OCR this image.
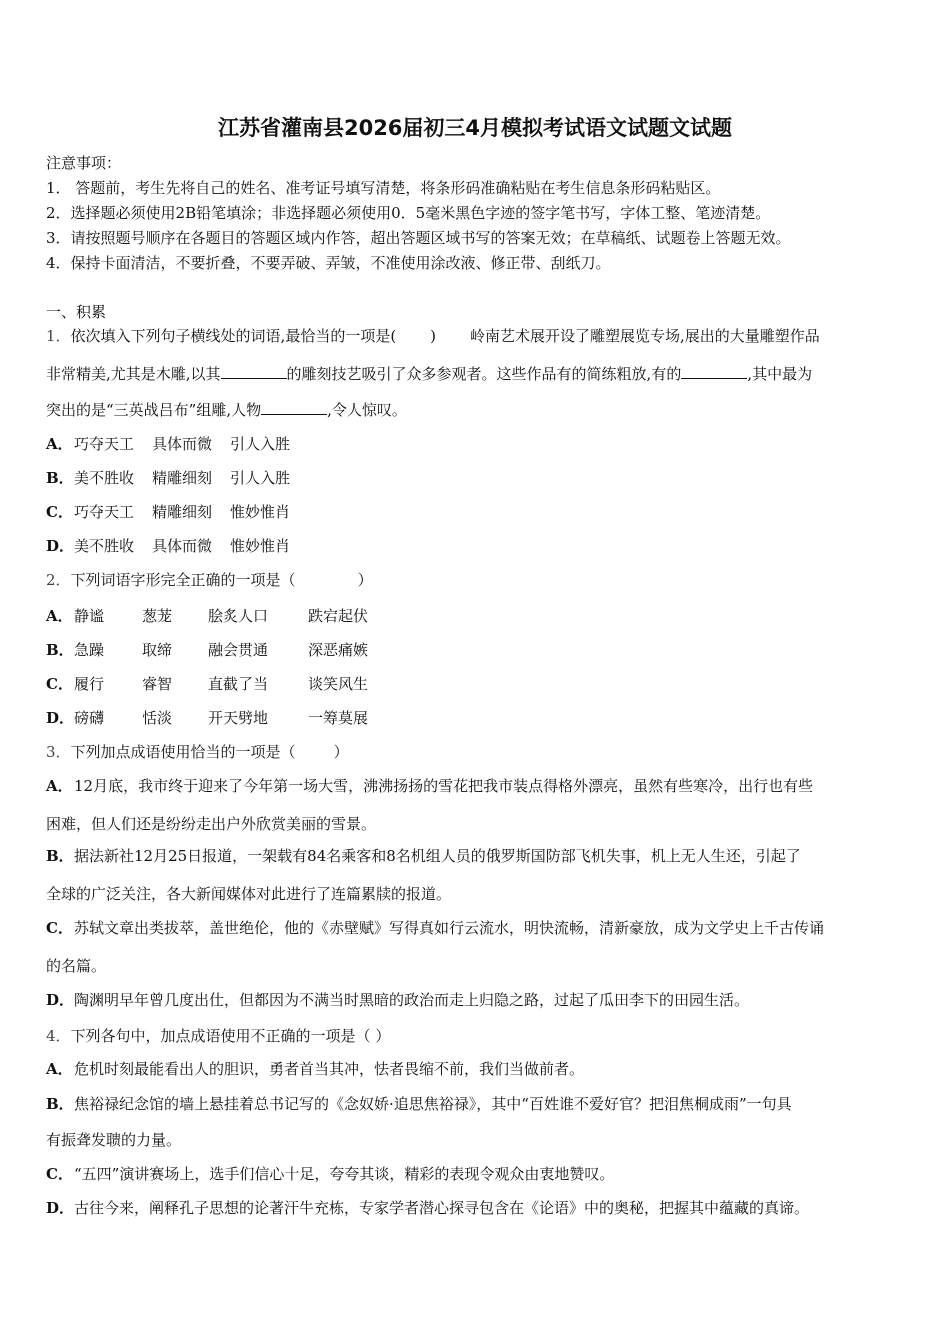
江苏省灌南县2026届初三4月模拟考试语文试题文试题
注意事项：
1． 答题前，考生先将自己的姓名、准考证号填写清楚，将条形码准确粘贴在考生信息条形码粘贴区。
2．选择题必须使用2B铅笔填涂；非选择题必须使用0．5毫米黑色字迹的签字笔书写，字体工整、笔迹清楚。
3．请按照题号顺序在各题目的答题区域内作答，超出答题区域书写的答案无效；在草稿纸、试题卷上答题无效。
4．保持卡面清洁，不要折叠，不要弄破、弄皱，不准使用涂改液、修正带、刮纸刀。
一、积累
1．依次填入下列句子横线处的词语,最恰当的一项是( ) 岭南艺术展开设了雕塑展览专场,展出的大量雕塑作品
非常精美,尤其是木雕,以其	的雕刻技艺吸引了众多参观者。这些作品有的简练粗放,有的	,其中最为
突出的是“三英战吕布”组雕,人物	,令人惊叹。
A．巧夺天工 具体而微 引人入胜
B．美不胜收 精雕细刻 引人入胜
C．巧夺天工 精雕细刻 惟妙惟肖
D．美不胜收 具体而微 惟妙惟肖
2．下列词语字形完全正确的一项是（	）
A．静谧	葱茏 脍炙人口	跌宕起伏
B．急躁	取缔 融会贯通	深恶痛嫉
C．履行	睿智 直截了当	谈笑风生
D．磅礴	恬淡 开天劈地	一筹莫展
3．下列加点成语使用恰当的一项是（	）
A．12月底，我市终于迎来了今年第一场大雪，沸沸扬扬的雪花把我市装点得格外漂亮，虽然有些寒冷，出行也有些
困难，但人们还是纷纷走出户外欣赏美丽的雪景。
B．据法新社12月25日报道，一架载有84名乘客和8名机组人员的俄罗斯国防部飞机失事，机上无人生还，引起了
全球的广泛关注，各大新闻媒体对此进行了连篇累牍的报道。
C．苏轼文章出类拔萃，盖世绝伦，他的《赤壁赋》写得真如行云流水，明快流畅，清新豪放，成为文学史上千古传诵
的名篇。
D．陶渊明早年曾几度出仕，但都因为不满当时黑暗的政治而走上归隐之路，过起了瓜田李下的田园生活。
4．下列各句中，加点成语使用不正确的一项是（ ）
A．危机时刻最能看出人的胆识，勇者首当其冲，怯者畏缩不前，我们当做前者。
B．焦裕禄纪念馆的墙上悬挂着总书记写的《念奴娇·追思焦裕禄》，其中“百姓谁不爱好官？把泪焦桐成雨”一句具
有振聋发聩的力量。
C．“五四”演讲赛场上，选手们信心十足，夸夸其谈，精彩的表现令观众由衷地赞叹。
D．古往今来，阐释孔子思想的论著汗牛充栋，专家学者潜心探寻包含在《论语》中的奥秘，把握其中蕴藏的真谛。
